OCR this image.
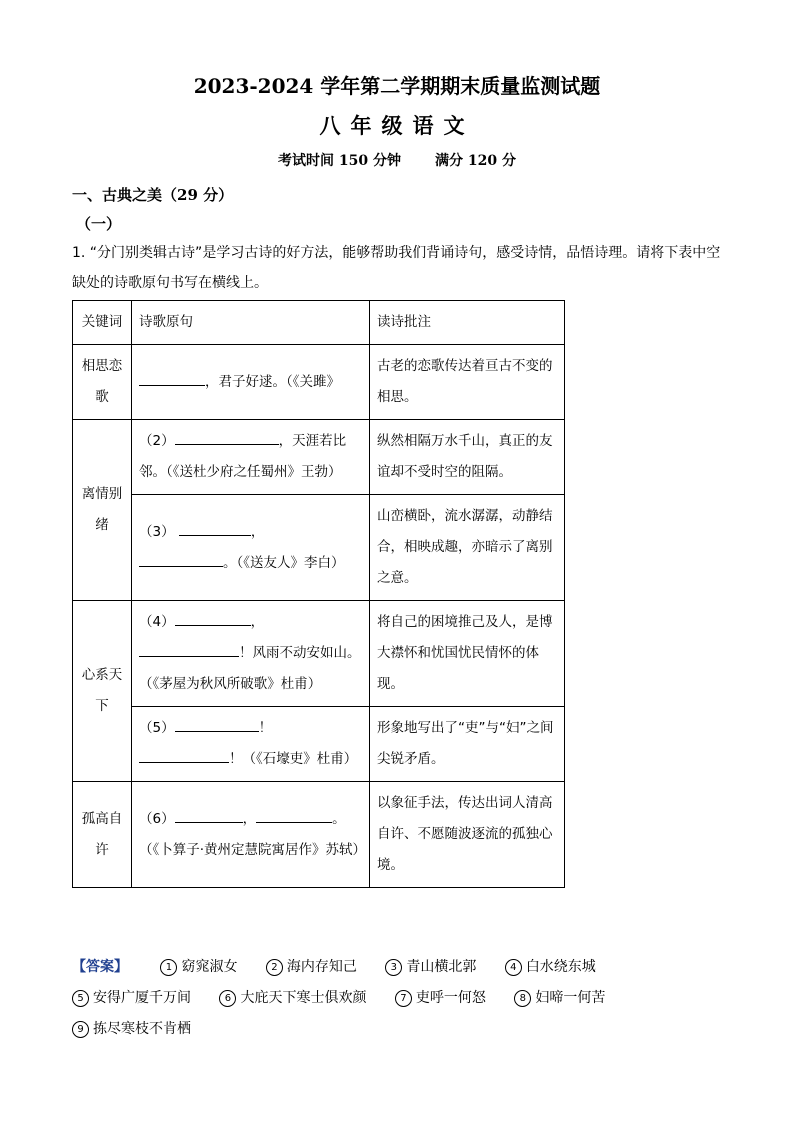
2023-2024 学年第二学期期末质量监测试题
八年级语文
考试时间 150 分钟 满分 120 分
一、古典之美（29 分）
（一）
1. “分门别类辑古诗”是学习古诗的好方法，能够帮助我们背诵诗句，感受诗情，品悟诗理。请将下表中空缺处的诗歌原句书写在横线上。
关键词	诗歌原句	读诗批注
相思恋歌	，君子好逑。（《关雎》	古老的恋歌传达着亘古不变的相思。
离情别绪	（2） ，天涯若比邻。（《送杜少府之任蜀州》王勃）	纵然相隔万水千山，真正的友谊却不受时空的阻隔。
	（3） ，
。（《送友人》李白）	山峦横卧，流水潺潺，动静结合，相映成趣，亦暗示了离别之意。
心系天下	（4） ，
！风雨不动安如山。（《茅屋为秋风所破歌》杜甫）	将自己的困境推己及人，是博大襟怀和忧国忧民情怀的体现。
	（5） ！
！（《石壕吏》杜甫）	形象地写出了“吏”与“妇”之间尖锐矛盾。
孤高自许	（6） ， 。（《卜算子·黄州定慧院寓居作》苏轼）	以象征手法，传达出词人清高自许、不愿随波逐流的孤独心境。
【答案】	1 窈窕淑女	2 海内存知己	3 青山横北郭	4 白水绕东城 5 安得广厦千万间	6 大庇天下寒士俱欢颜	7 吏呼一何怒	8 妇啼一何苦 9 拣尽寒枝不肯栖
